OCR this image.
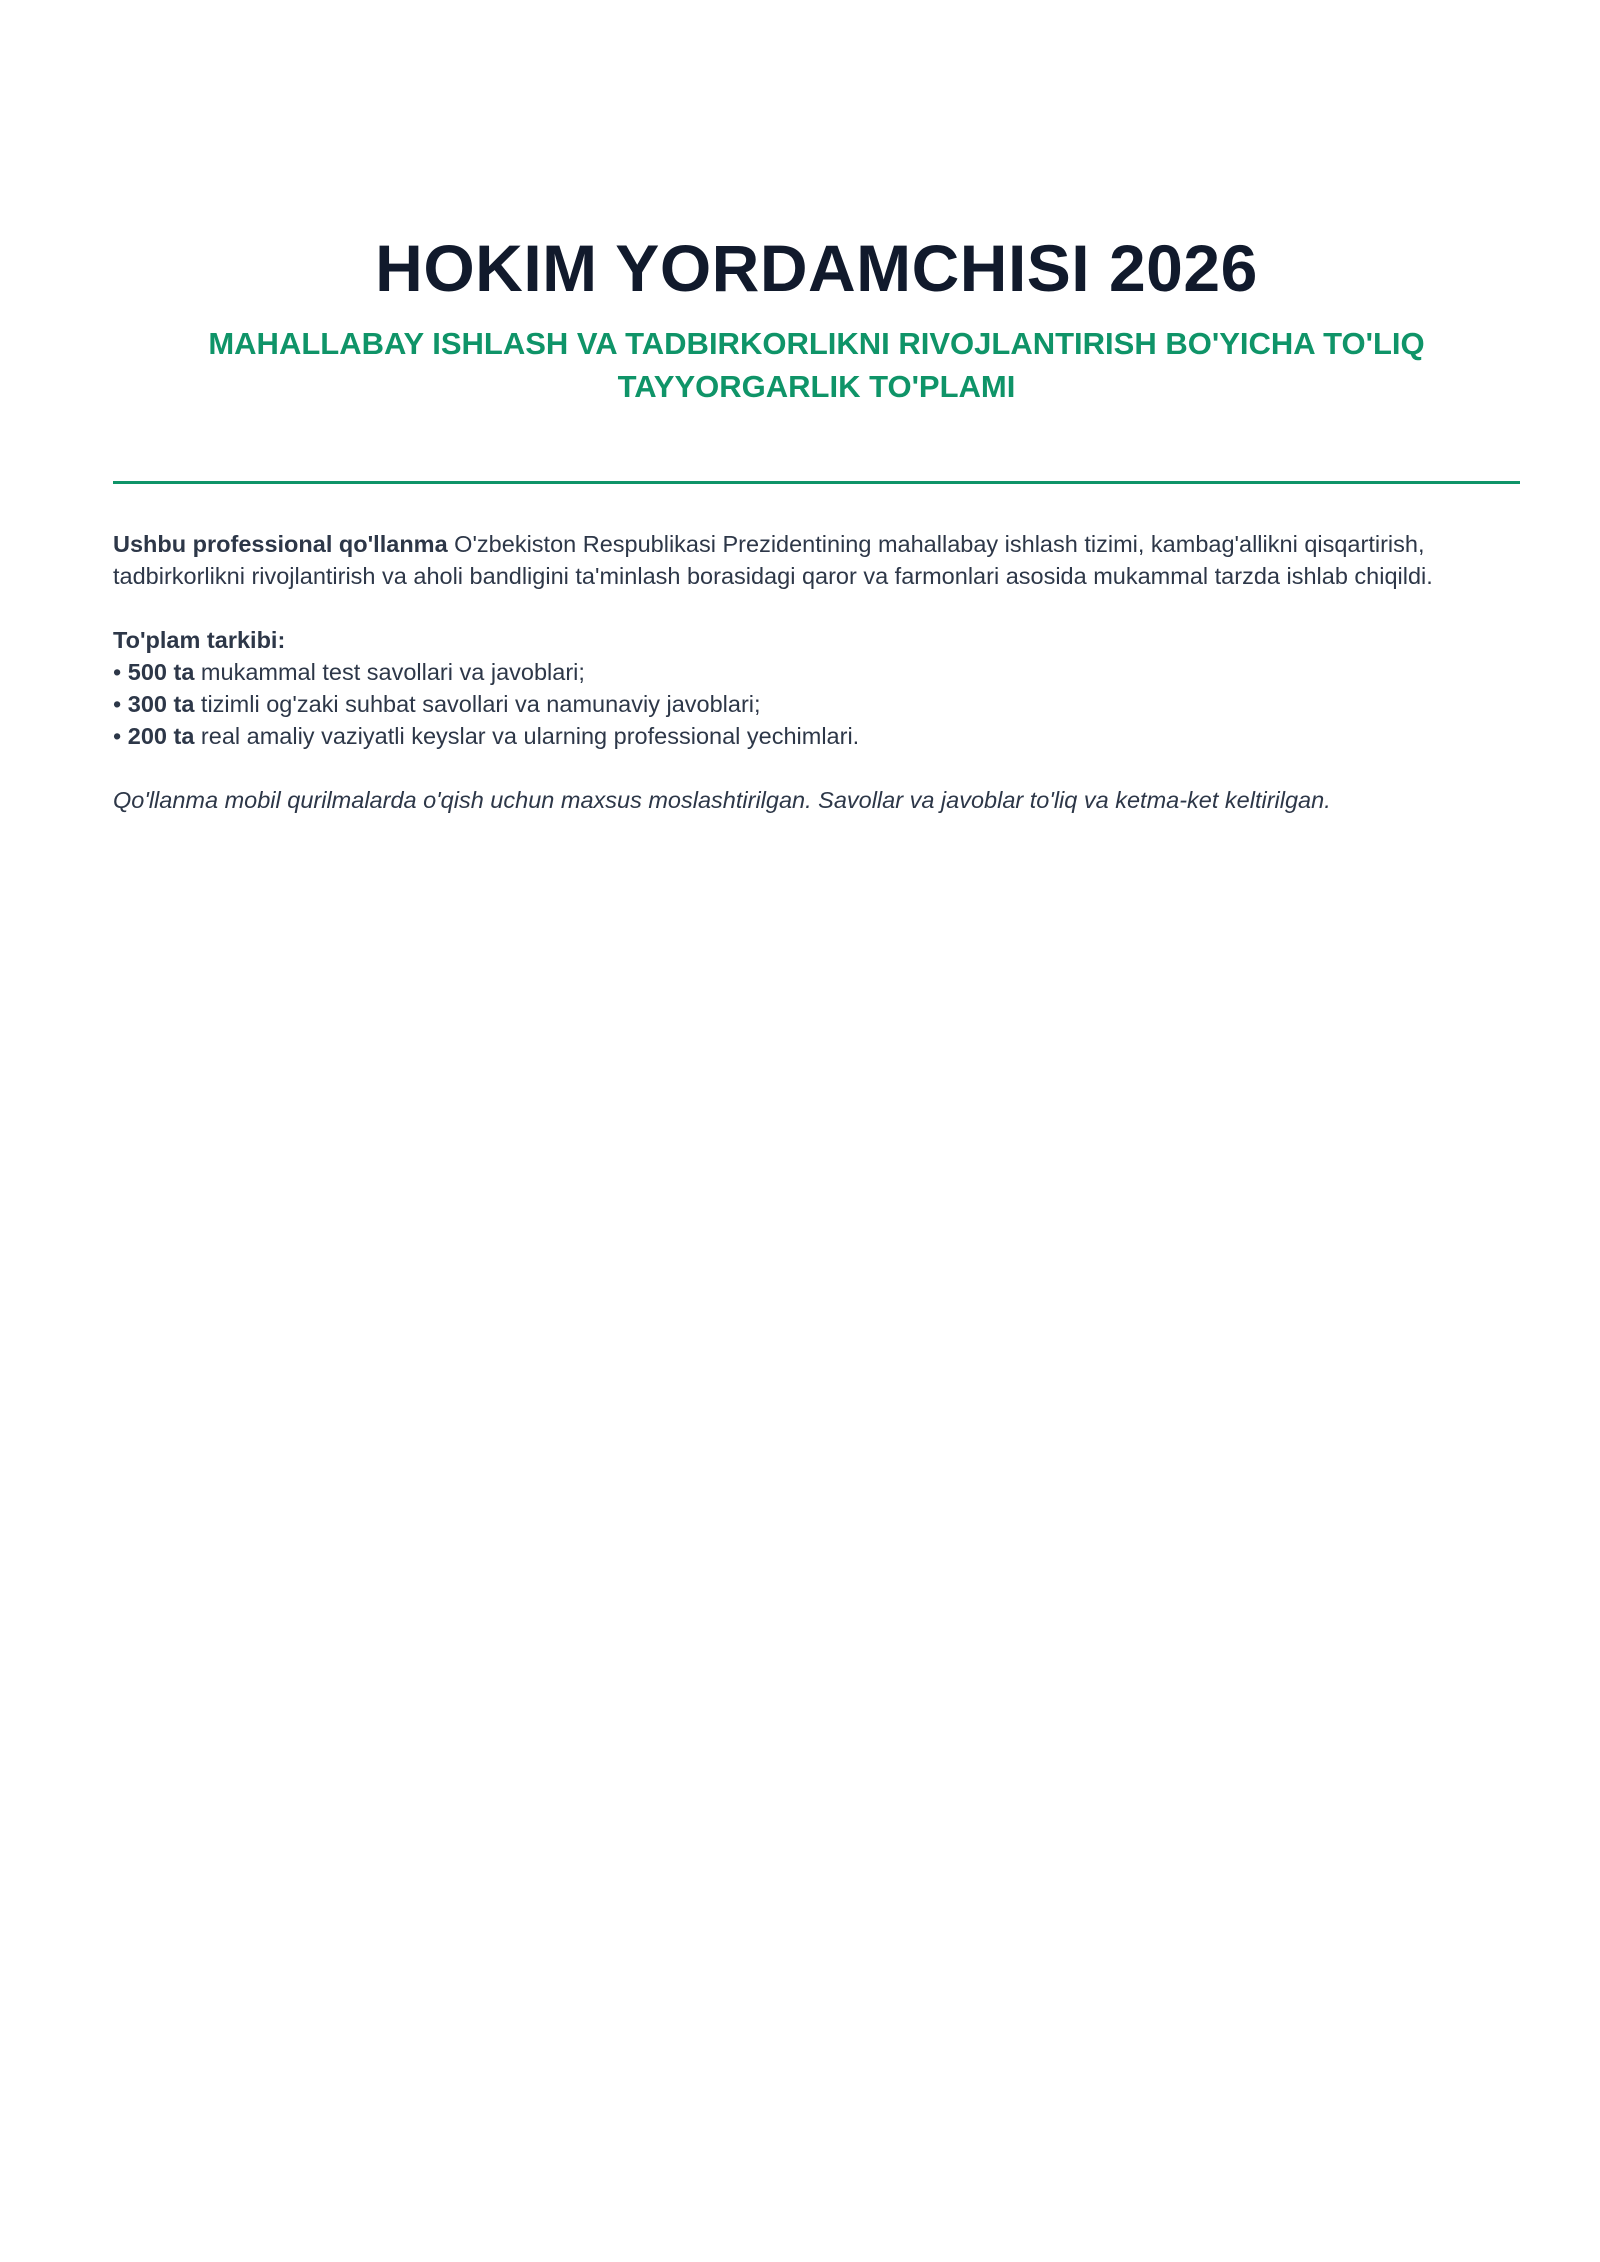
HOKIM YORDAMCHISI 2026
MAHALLABAY ISHLASH VA TADBIRKORLIKNI RIVOJLANTIRISH BO'YICHA TO'LIQ TAYYORGARLIK TO'PLAMI

Ushbu professional qo'llanma O'zbekiston Respublikasi Prezidentining mahallabay ishlash tizimi, kambag'allikni qisqartirish, tadbirkorlikni rivojlantirish va aholi bandligini ta'minlash borasidagi qaror va farmonlari asosida mukammal tarzda ishlab chiqildi.

To'plam tarkibi:

• 500 ta mukammal test savollari va javoblari;
• 300 ta tizimli og'zaki suhbat savollari va namunaviy javoblari;
• 200 ta real amaliy vaziyatli keyslar va ularning professional yechimlari.

Qo'llanma mobil qurilmalarda o'qish uchun maxsus moslashtirilgan. Savollar va javoblar to'liq va ketma-ket keltirilgan.
